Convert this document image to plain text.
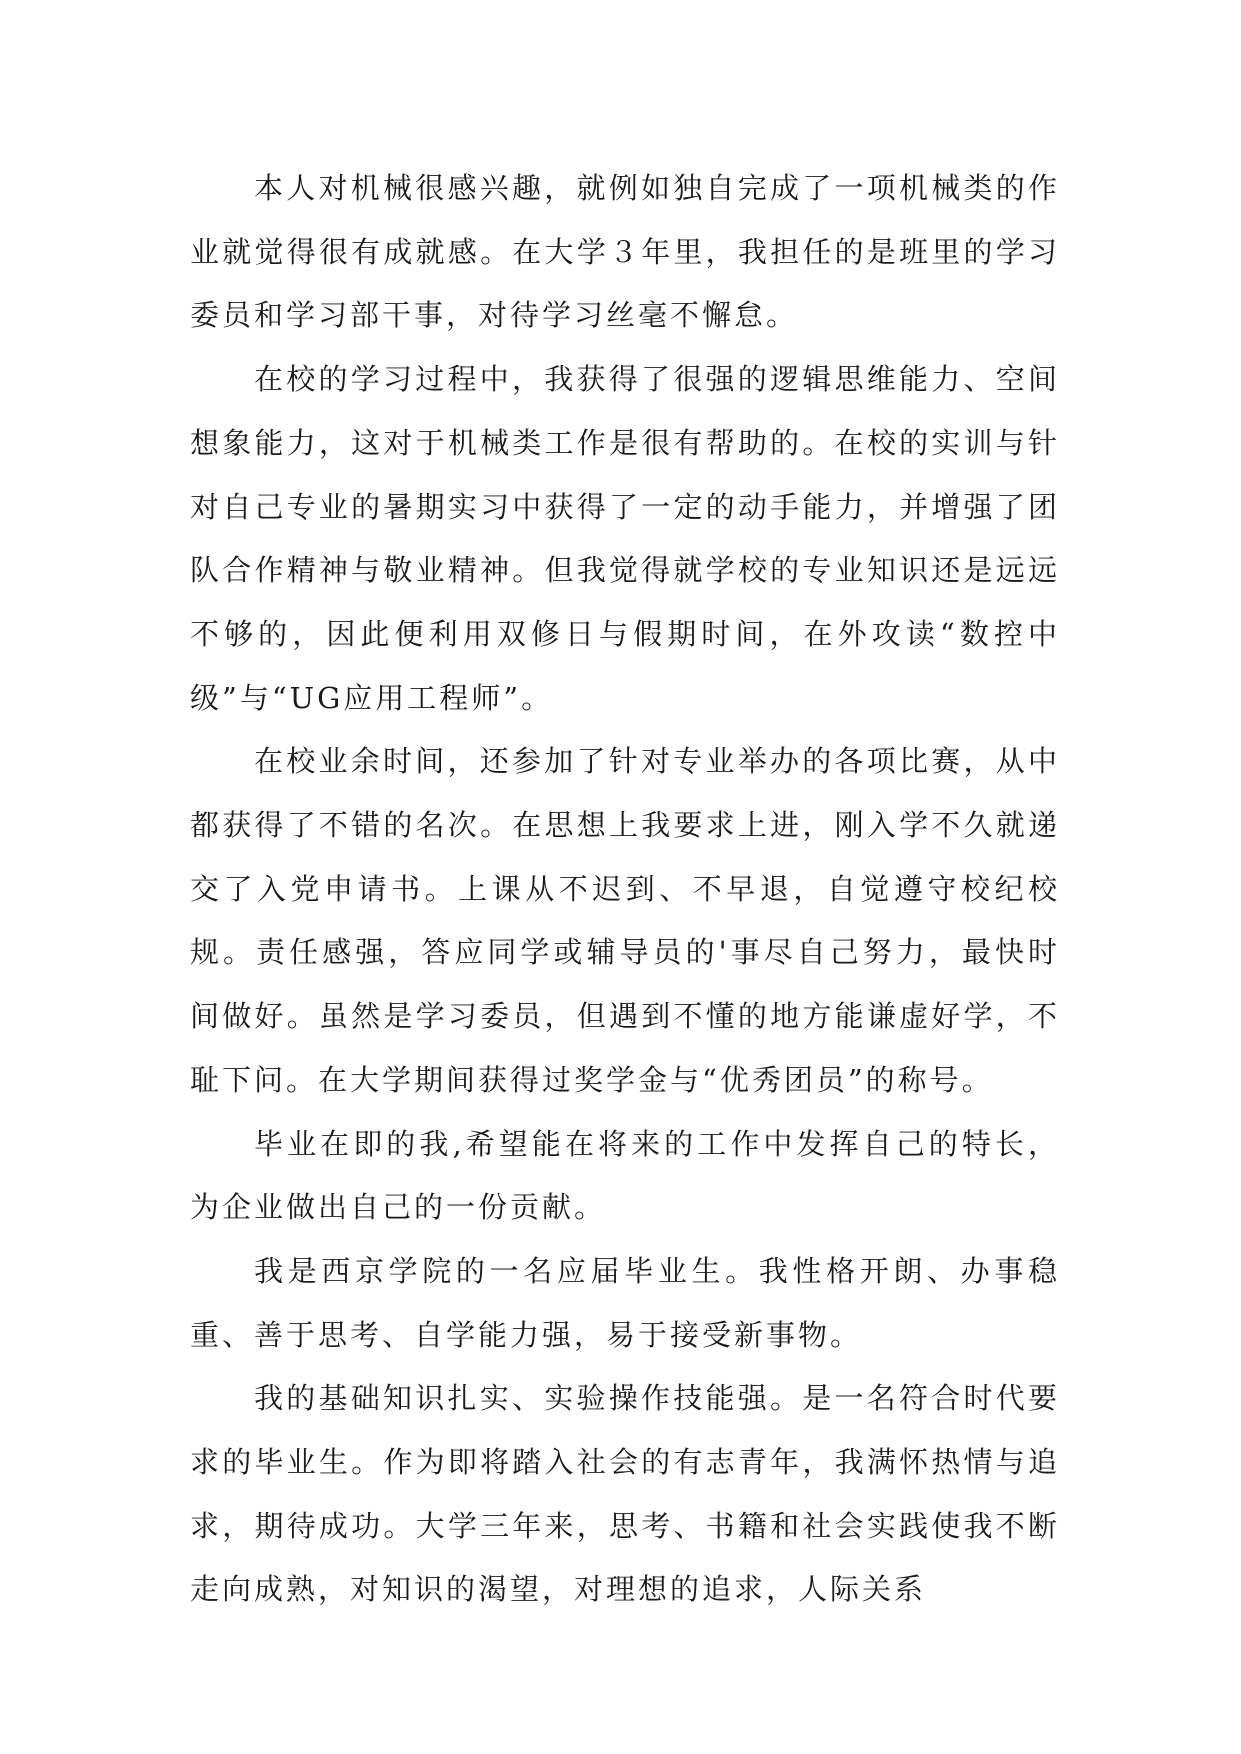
本人对机械很感兴趣，就例如独自完成了一项机械类的作业就觉得很有成就感。在大学３年里，我担任的是班里的学习委员和学习部干事，对待学习丝毫不懈怠。

在校的学习过程中，我获得了很强的逻辑思维能力、空间想象能力，这对于机械类工作是很有帮助的。在校的实训与针对自己专业的暑期实习中获得了一定的动手能力，并增强了团队合作精神与敬业精神。但我觉得就学校的专业知识还是远远不够的，因此便利用双修日与假期时间，在外攻读“数控中级”与“UG应用工程师”。

在校业余时间，还参加了针对专业举办的各项比赛，从中都获得了不错的名次。在思想上我要求上进，刚入学不久就递交了入党申请书。上课从不迟到、不早退，自觉遵守校纪校规。责任感强，答应同学或辅导员的'事尽自己努力，最快时间做好。虽然是学习委员，但遇到不懂的地方能谦虚好学，不耻下问。在大学期间获得过奖学金与“优秀团员”的称号。

毕业在即的我,希望能在将来的工作中发挥自己的特长，为企业做出自己的一份贡献。

我是西京学院的一名应届毕业生。我性格开朗、办事稳重、善于思考、自学能力强，易于接受新事物。

我的基础知识扎实、实验操作技能强。是一名符合时代要求的毕业生。作为即将踏入社会的有志青年，我满怀热情与追求，期待成功。大学三年来，思考、书籍和社会实践使我不断走向成熟，对知识的渴望，对理想的追求，人际关系
